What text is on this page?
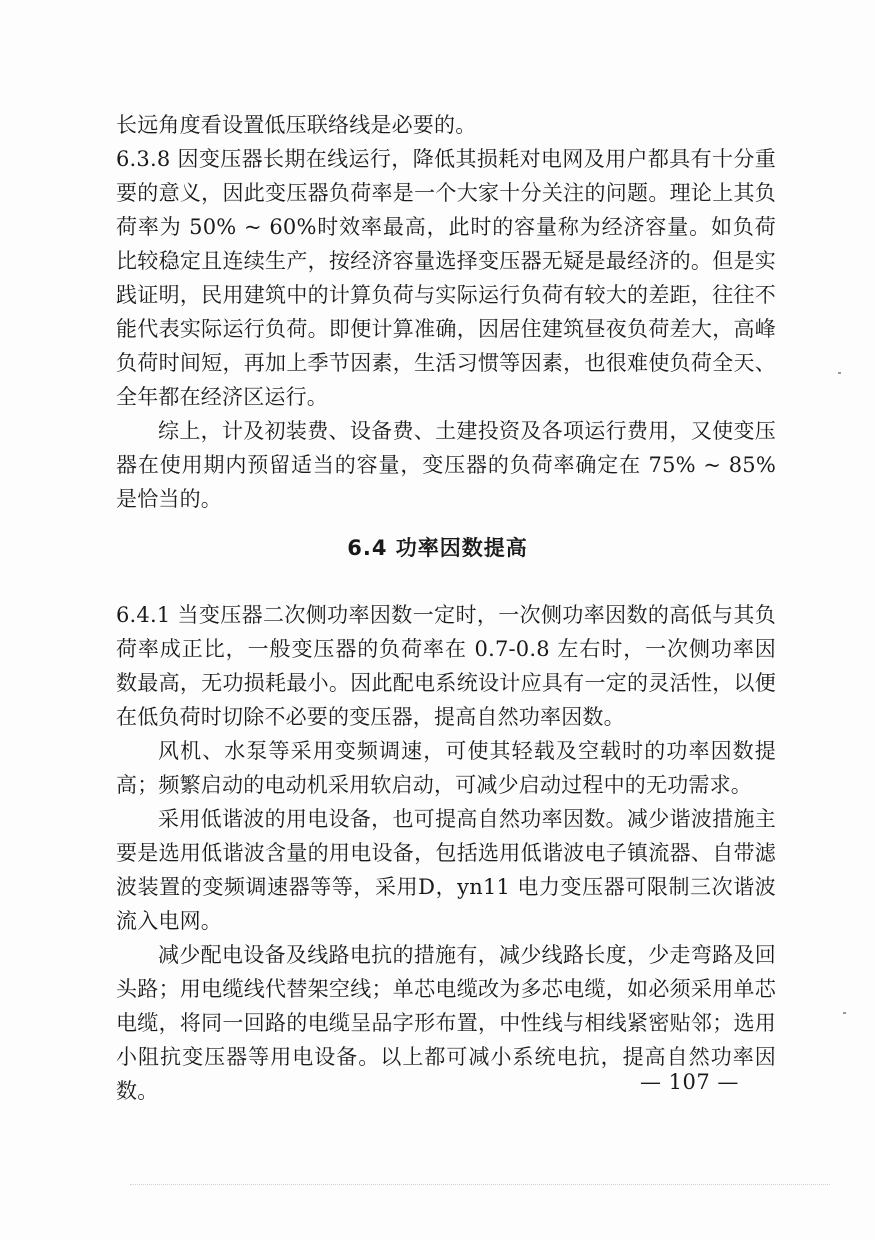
长远角度看设置低压联络线是必要的。

6.3.8 因变压器长期在线运行，降低其损耗对电网及用户都具有十分重要的意义，因此变压器负荷率是一个大家十分关注的问题。理论上其负荷率为 50% ~ 60%时效率最高，此时的容量称为经济容量。如负荷比较稳定且连续生产，按经济容量选择变压器无疑是最经济的。但是实践证明，民用建筑中的计算负荷与实际运行负荷有较大的差距，往往不能代表实际运行负荷。即便计算准确，因居住建筑昼夜负荷差大，高峰负荷时间短，再加上季节因素，生活习惯等因素，也很难使负荷全天、全年都在经济区运行。

综上，计及初装费、设备费、土建投资及各项运行费用，又使变压器在使用期内预留适当的容量，变压器的负荷率确定在 75% ~ 85%是恰当的。

6.4 功率因数提高

6.4.1 当变压器二次侧功率因数一定时，一次侧功率因数的高低与其负荷率成正比，一般变压器的负荷率在 0.7-0.8 左右时，一次侧功率因数最高，无功损耗最小。因此配电系统设计应具有一定的灵活性，以便在低负荷时切除不必要的变压器，提高自然功率因数。

风机、水泵等采用变频调速，可使其轻载及空载时的功率因数提高；频繁启动的电动机采用软启动，可减少启动过程中的无功需求。

采用低谐波的用电设备，也可提高自然功率因数。减少谐波措施主要是选用低谐波含量的用电设备，包括选用低谐波电子镇流器、自带滤波装置的变频调速器等等，采用D，yn11 电力变压器可限制三次谐波流入电网。

减少配电设备及线路电抗的措施有，减少线路长度，少走弯路及回头路；用电缆线代替架空线；单芯电缆改为多芯电缆，如必须采用单芯电缆，将同一回路的电缆呈品字形布置，中性线与相线紧密贴邻；选用小阻抗变压器等用电设备。以上都可减小系统电抗，提高自然功率因数。	— 107 —
